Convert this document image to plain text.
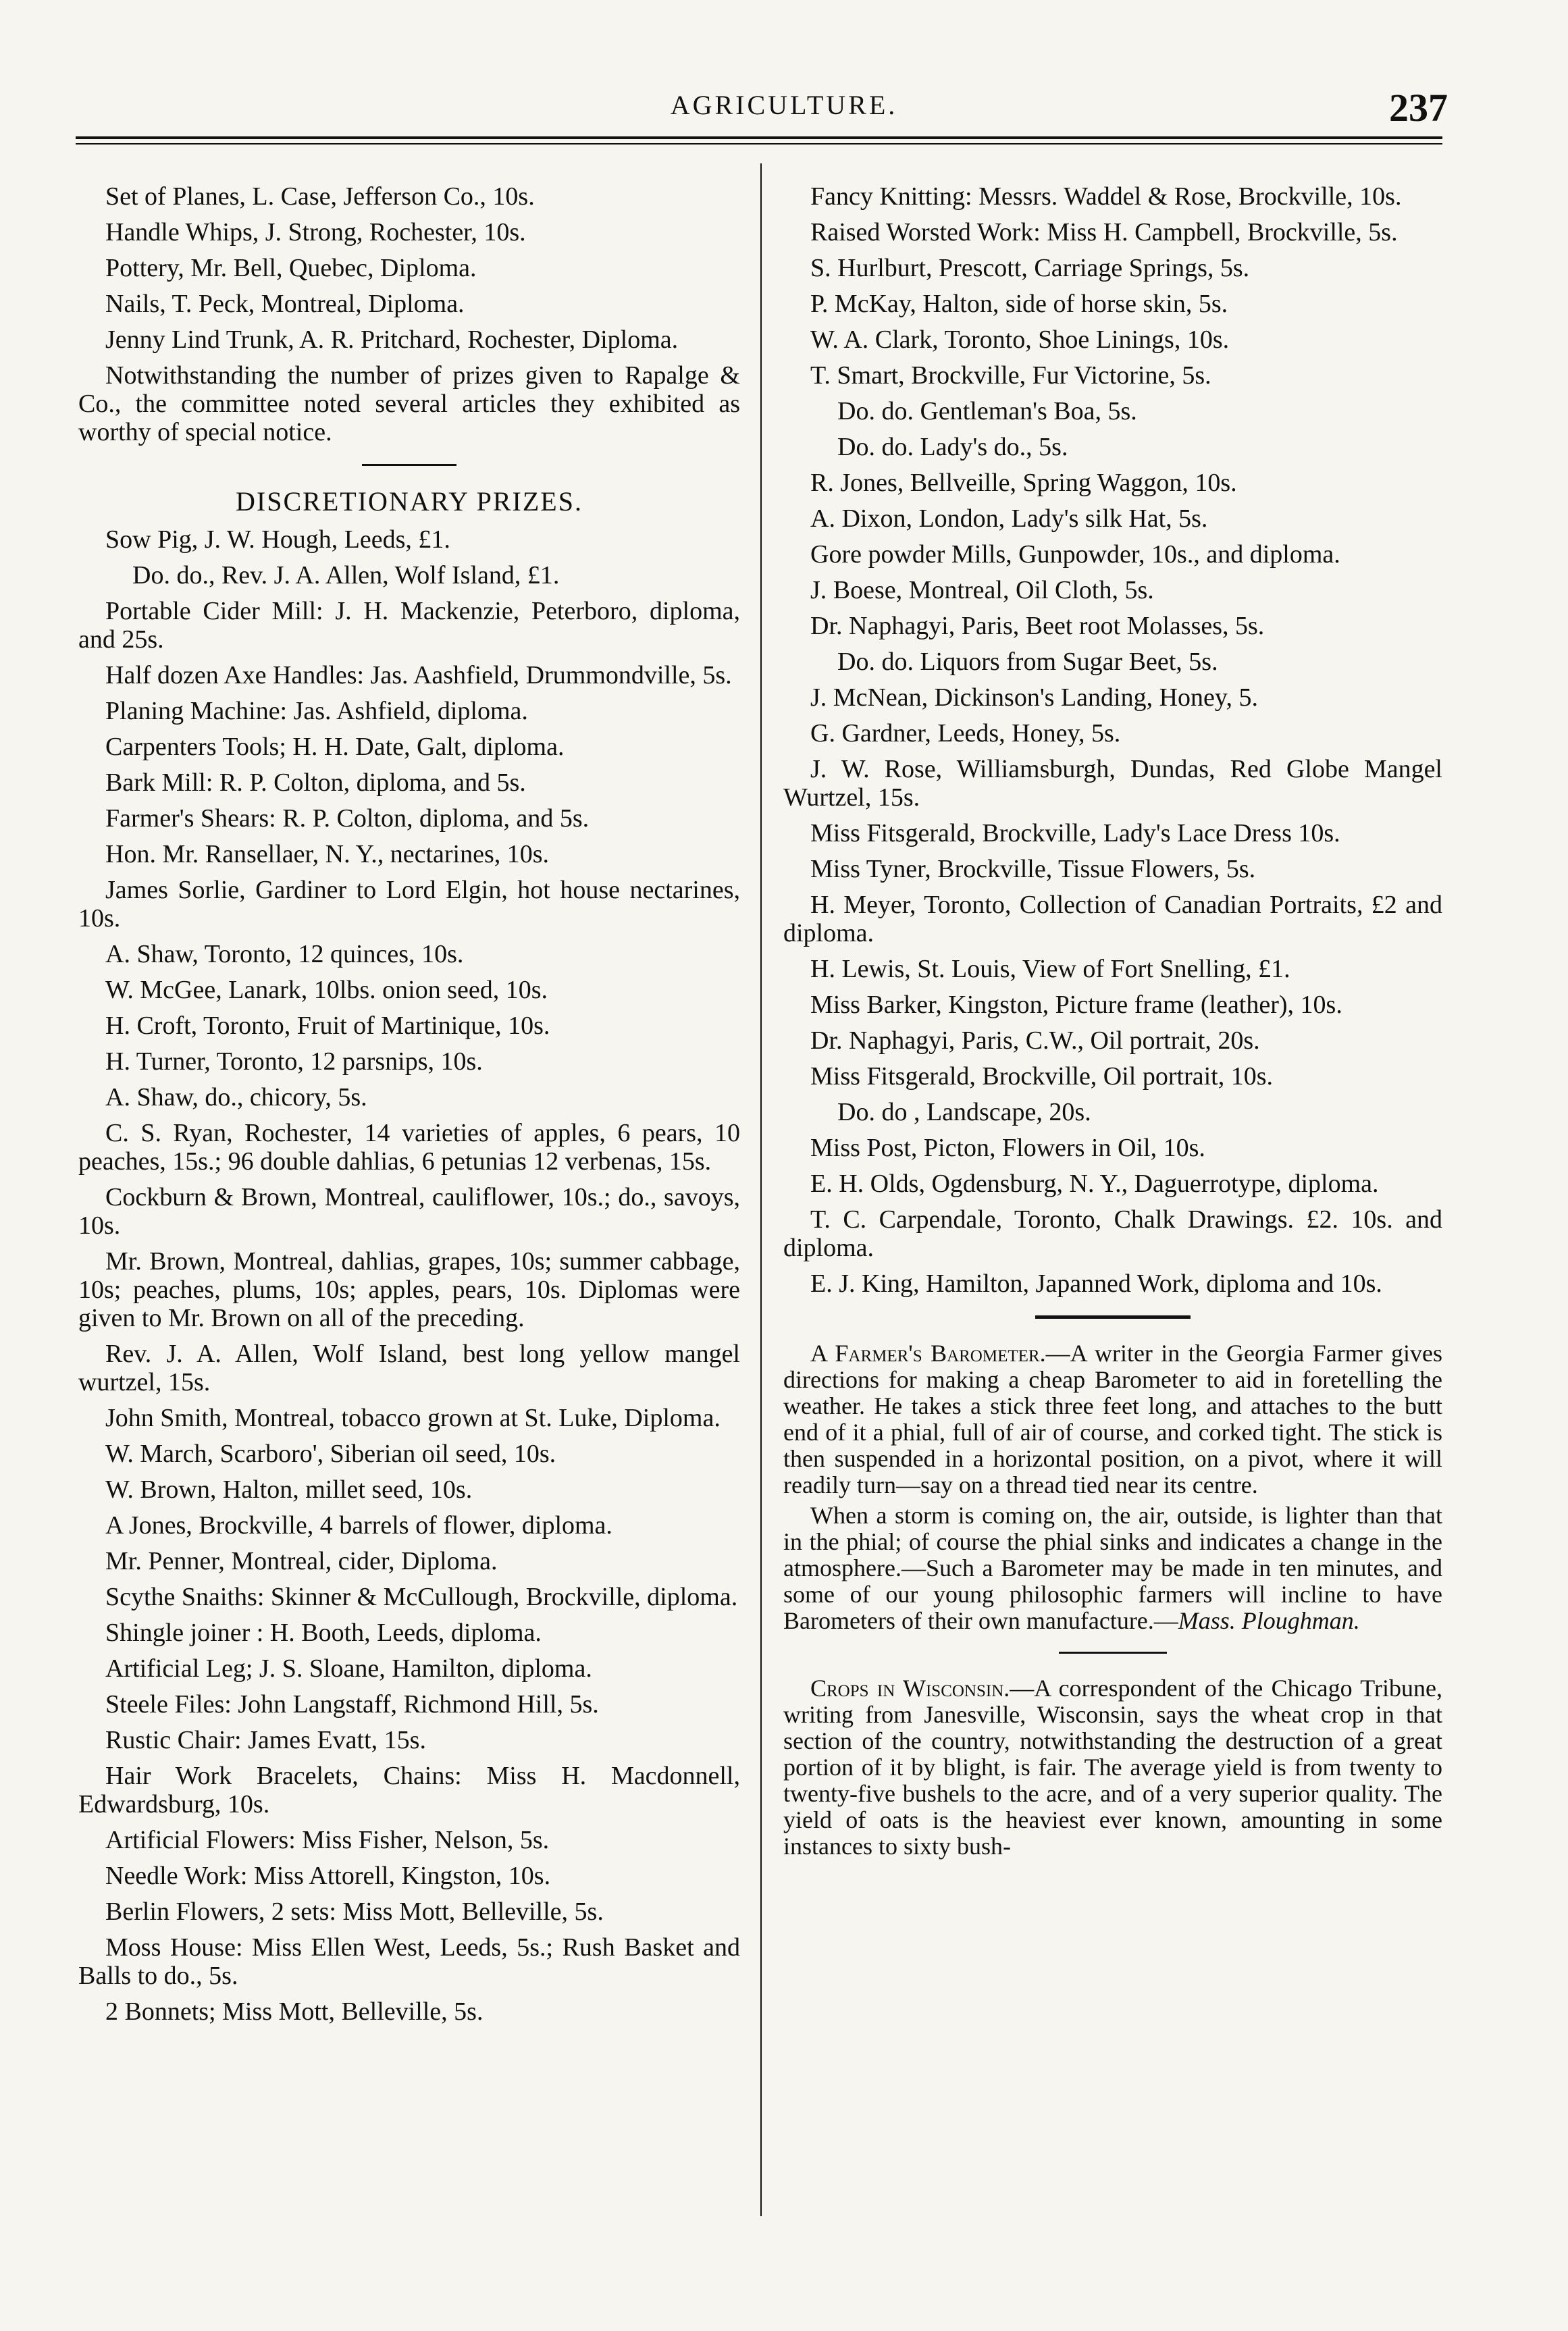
AGRICULTURE.	237

Set of Planes, L. Case, Jefferson Co., 10s.

Handle Whips, J. Strong, Rochester, 10s.

Pottery, Mr. Bell, Quebec, Diploma.

Nails, T. Peck, Montreal, Diploma.

Jenny Lind Trunk, A. R. Pritchard, Rochester, Diploma.

Notwithstanding the number of prizes given to Rapalge & Co., the committee noted several articles they exhibited as worthy of special notice.

DISCRETIONARY PRIZES.

Sow Pig, J. W. Hough, Leeds, £1.

Do. do., Rev. J. A. Allen, Wolf Island, £1.

Portable Cider Mill: J. H. Mackenzie, Peterboro, diploma, and 25s.

Half dozen Axe Handles: Jas. Aashfield, Drummondville, 5s.

Planing Machine: Jas. Ashfield, diploma.

Carpenters Tools; H. H. Date, Galt, diploma.

Bark Mill: R. P. Colton, diploma, and 5s.

Farmer's Shears: R. P. Colton, diploma, and 5s.

Hon. Mr. Ransellaer, N. Y., nectarines, 10s.

James Sorlie, Gardiner to Lord Elgin, hot house nectarines, 10s.

A. Shaw, Toronto, 12 quinces, 10s.

W. McGee, Lanark, 10lbs. onion seed, 10s.

H. Croft, Toronto, Fruit of Martinique, 10s.

H. Turner, Toronto, 12 parsnips, 10s.

A. Shaw, do., chicory, 5s.

C. S. Ryan, Rochester, 14 varieties of apples, 6 pears, 10 peaches, 15s.; 96 double dahlias, 6 petunias 12 verbenas, 15s.

Cockburn & Brown, Montreal, cauliflower, 10s.; do., savoys, 10s.

Mr. Brown, Montreal, dahlias, grapes, 10s; summer cabbage, 10s; peaches, plums, 10s; apples, pears, 10s. Diplomas were given to Mr. Brown on all of the preceding.

Rev. J. A. Allen, Wolf Island, best long yellow mangel wurtzel, 15s.

John Smith, Montreal, tobacco grown at St. Luke, Diploma.

W. March, Scarboro', Siberian oil seed, 10s.

W. Brown, Halton, millet seed, 10s.

A Jones, Brockville, 4 barrels of flower, diploma.

Mr. Penner, Montreal, cider, Diploma.

Scythe Snaiths: Skinner & McCullough, Brockville, diploma.

Shingle joiner : H. Booth, Leeds, diploma.

Artificial Leg; J. S. Sloane, Hamilton, diploma.

Steele Files: John Langstaff, Richmond Hill, 5s.

Rustic Chair: James Evatt, 15s.

Hair Work Bracelets, Chains: Miss H. Macdonnell, Edwardsburg, 10s.

Artificial Flowers: Miss Fisher, Nelson, 5s.

Needle Work: Miss Attorell, Kingston, 10s.

Berlin Flowers, 2 sets: Miss Mott, Belleville, 5s.

Moss House: Miss Ellen West, Leeds, 5s.; Rush Basket and Balls to do., 5s.

2 Bonnets; Miss Mott, Belleville, 5s.

Fancy Knitting: Messrs. Waddel & Rose, Brockville, 10s.

Raised Worsted Work: Miss H. Campbell, Brockville, 5s.

S. Hurlburt, Prescott, Carriage Springs, 5s.

P. McKay, Halton, side of horse skin, 5s.

W. A. Clark, Toronto, Shoe Linings, 10s.

T. Smart, Brockville, Fur Victorine, 5s.

Do. do. Gentleman's Boa, 5s.

Do. do. Lady's do., 5s.

R. Jones, Bellveille, Spring Waggon, 10s.

A. Dixon, London, Lady's silk Hat, 5s.

Gore powder Mills, Gunpowder, 10s., and diploma.

J. Boese, Montreal, Oil Cloth, 5s.

Dr. Naphagyi, Paris, Beet root Molasses, 5s.

Do. do. Liquors from Sugar Beet, 5s.

J. McNean, Dickinson's Landing, Honey, 5.

G. Gardner, Leeds, Honey, 5s.

J. W. Rose, Williamsburgh, Dundas, Red Globe Mangel Wurtzel, 15s.

Miss Fitsgerald, Brockville, Lady's Lace Dress 10s.

Miss Tyner, Brockville, Tissue Flowers, 5s.

H. Meyer, Toronto, Collection of Canadian Portraits, £2 and diploma.

H. Lewis, St. Louis, View of Fort Snelling, £1.

Miss Barker, Kingston, Picture frame (leather), 10s.

Dr. Naphagyi, Paris, C.W., Oil portrait, 20s.

Miss Fitsgerald, Brockville, Oil portrait, 10s.

Do. do , Landscape, 20s.

Miss Post, Picton, Flowers in Oil, 10s.

E. H. Olds, Ogdensburg, N. Y., Daguerrotype, diploma.

T. C. Carpendale, Toronto, Chalk Drawings. £2. 10s. and diploma.

E. J. King, Hamilton, Japanned Work, diploma and 10s.

A Farmer's Barometer.—A writer in the Georgia Farmer gives directions for making a cheap Barometer to aid in foretelling the weather. He takes a stick three feet long, and attaches to the butt end of it a phial, full of air of course, and corked tight. The stick is then suspended in a horizontal position, on a pivot, where it will readily turn—say on a thread tied near its centre.

When a storm is coming on, the air, outside, is lighter than that in the phial; of course the phial sinks and indicates a change in the atmosphere.—Such a Barometer may be made in ten minutes, and some of our young philosophic farmers will incline to have Barometers of their own manufacture.—Mass. Ploughman.

Crops in Wisconsin.—A correspondent of the Chicago Tribune, writing from Janesville, Wisconsin, says the wheat crop in that section of the country, notwithstanding the destruction of a great portion of it by blight, is fair. The average yield is from twenty to twenty-five bushels to the acre, and of a very superior quality. The yield of oats is the heaviest ever known, amounting in some instances to sixty bush-
